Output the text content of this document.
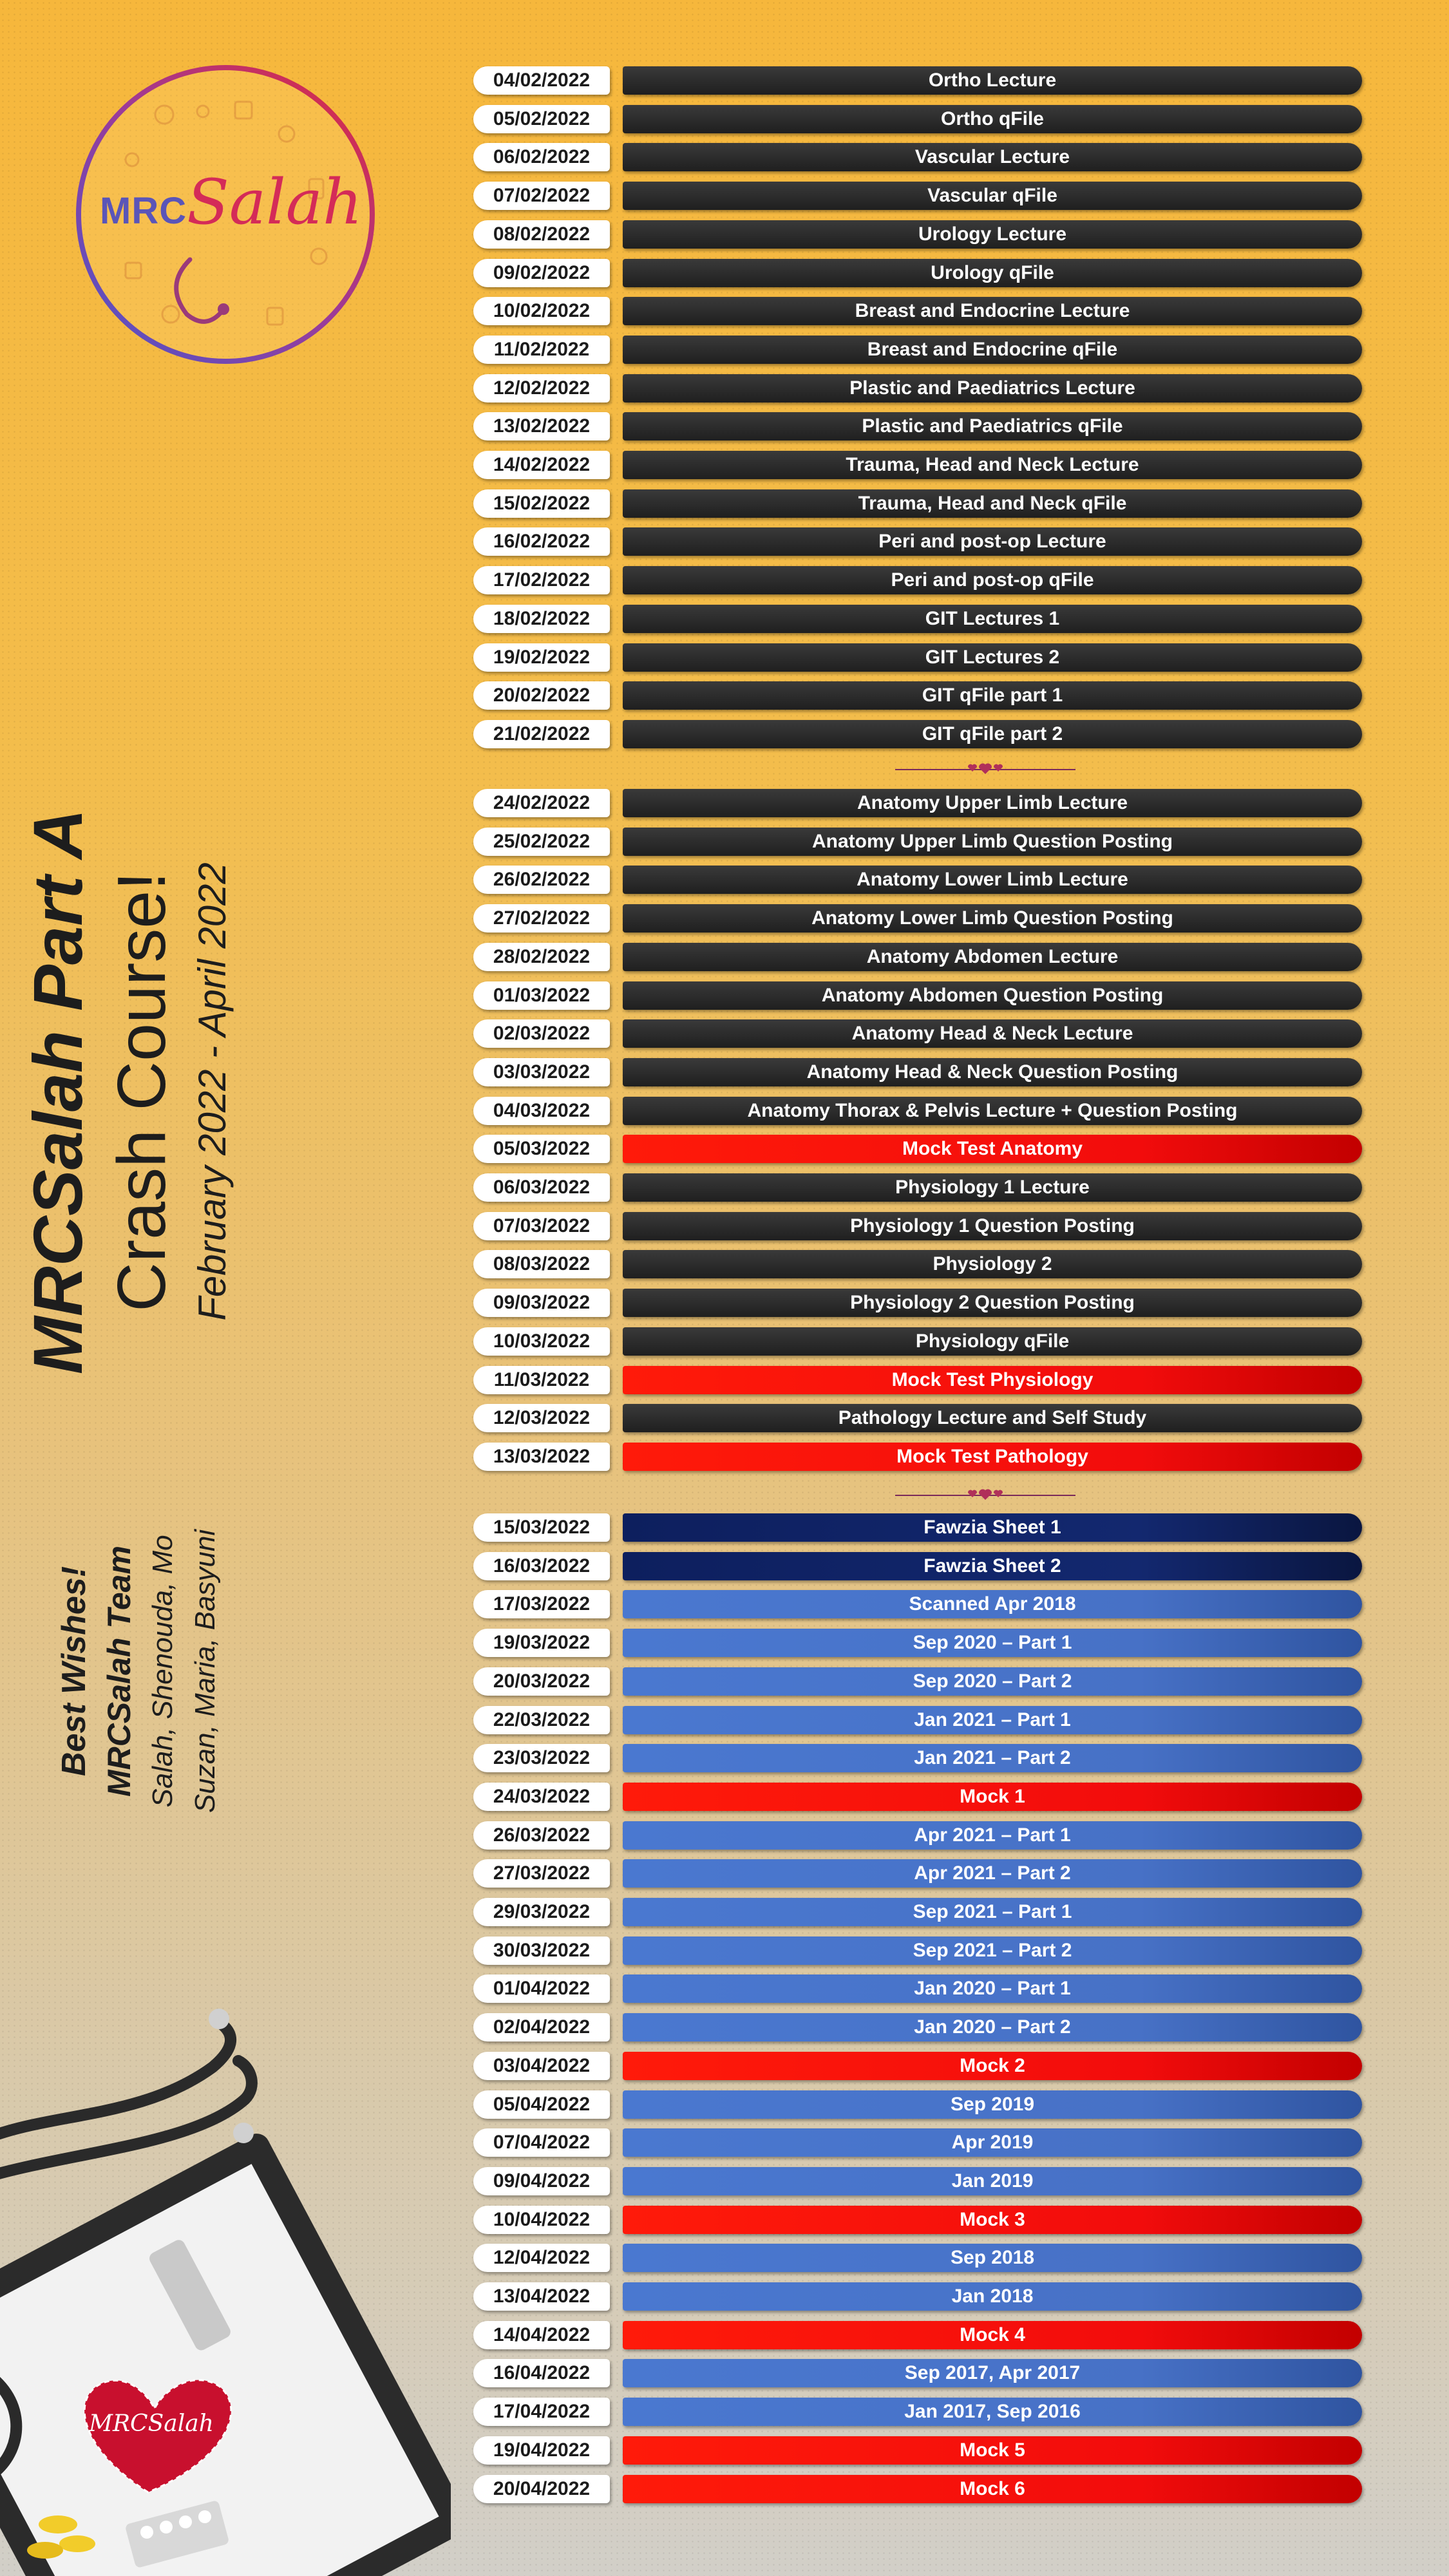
MRCSalah
MRCSalah Part A Crash Course! February 2022 - April 2022
Best Wishes! MRCSalah Team Salah, Shenouda, Mo Suzan, Maria, Basyuni
04/02/2022	Ortho Lecture
05/02/2022	Ortho qFile
06/02/2022	Vascular Lecture
07/02/2022	Vascular qFile
08/02/2022	Urology Lecture
09/02/2022	Urology qFile
10/02/2022	Breast and Endocrine Lecture
11/02/2022	Breast and Endocrine qFile
12/02/2022	Plastic and Paediatrics Lecture
13/02/2022	Plastic and Paediatrics qFile
14/02/2022	Trauma, Head and Neck Lecture
15/02/2022	Trauma, Head and Neck qFile
16/02/2022	Peri and post-op Lecture
17/02/2022	Peri and post-op qFile
18/02/2022	GIT Lectures 1
19/02/2022	GIT Lectures 2
20/02/2022	GIT qFile part 1
21/02/2022	GIT qFile part 2
24/02/2022	Anatomy Upper Limb Lecture
25/02/2022	Anatomy Upper Limb Question Posting
26/02/2022	Anatomy Lower Limb Lecture
27/02/2022	Anatomy Lower Limb Question Posting
28/02/2022	Anatomy Abdomen Lecture
01/03/2022	Anatomy Abdomen Question Posting
02/03/2022	Anatomy Head & Neck Lecture
03/03/2022	Anatomy Head & Neck Question Posting
04/03/2022	Anatomy Thorax & Pelvis Lecture + Question Posting
05/03/2022	Mock Test Anatomy
06/03/2022	Physiology 1 Lecture
07/03/2022	Physiology 1 Question Posting
08/03/2022	Physiology 2
09/03/2022	Physiology 2 Question Posting
10/03/2022	Physiology qFile
11/03/2022	Mock Test Physiology
12/03/2022	Pathology Lecture and Self Study
13/03/2022	Mock Test Pathology
15/03/2022	Fawzia Sheet 1
16/03/2022	Fawzia Sheet 2
17/03/2022	Scanned Apr 2018
19/03/2022	Sep 2020 – Part 1
20/03/2022	Sep 2020 – Part 2
22/03/2022	Jan 2021 – Part 1
23/03/2022	Jan 2021 – Part 2
24/03/2022	Mock 1
26/03/2022	Apr 2021 – Part 1
27/03/2022	Apr 2021 – Part 2
29/03/2022	Sep 2021 – Part 1
30/03/2022	Sep 2021 – Part 2
01/04/2022	Jan 2020 – Part 1
02/04/2022	Jan 2020 – Part 2
03/04/2022	Mock 2
05/04/2022	Sep 2019
07/04/2022	Apr 2019
09/04/2022	Jan 2019
10/04/2022	Mock 3
12/04/2022	Sep 2018
13/04/2022	Jan 2018
14/04/2022	Mock 4
16/04/2022	Sep 2017, Apr 2017
17/04/2022	Jan 2017, Sep 2016
19/04/2022	Mock 5
20/04/2022	Mock 6
MRCSalah
